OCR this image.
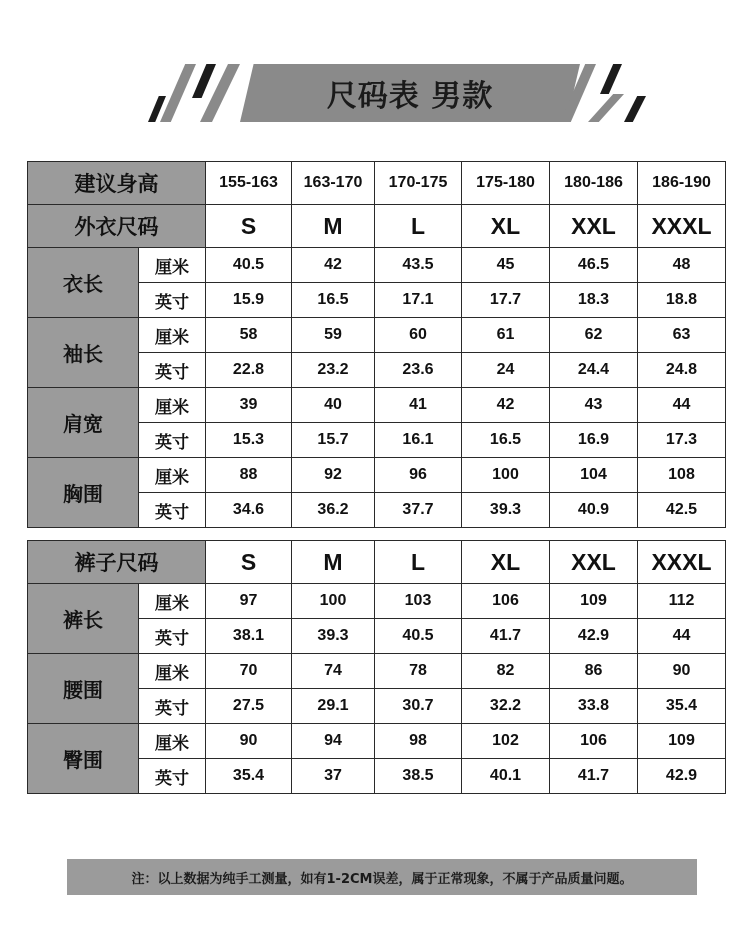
尺码表 男款
建议身高		155-163	163-170	170-175	175-180	180-186	186-190
外衣尺码		S	M	L	XL	XXL	XXXL
衣长	厘米	40.5	42	43.5	45	46.5	48
	英寸	15.9	16.5	17.1	17.7	18.3	18.8
袖长	厘米	58	59	60	61	62	63
	英寸	22.8	23.2	23.6	24	24.4	24.8
肩宽	厘米	39	40	41	42	43	44
	英寸	15.3	15.7	16.1	16.5	16.9	17.3
胸围	厘米	88	92	96	100	104	108
	英寸	34.6	36.2	37.7	39.3	40.9	42.5
裤子尺码		S	M	L	XL	XXL	XXXL
裤长	厘米	97	100	103	106	109	112
	英寸	38.1	39.3	40.5	41.7	42.9	44
腰围	厘米	70	74	78	82	86	90
	英寸	27.5	29.1	30.7	32.2	33.8	35.4
臀围	厘米	90	94	98	102	106	109
	英寸	35.4	37	38.5	40.1	41.7	42.9
注：以上数据为纯手工测量，如有1-2CM误差，属于正常现象，不属于产品质量问题。
